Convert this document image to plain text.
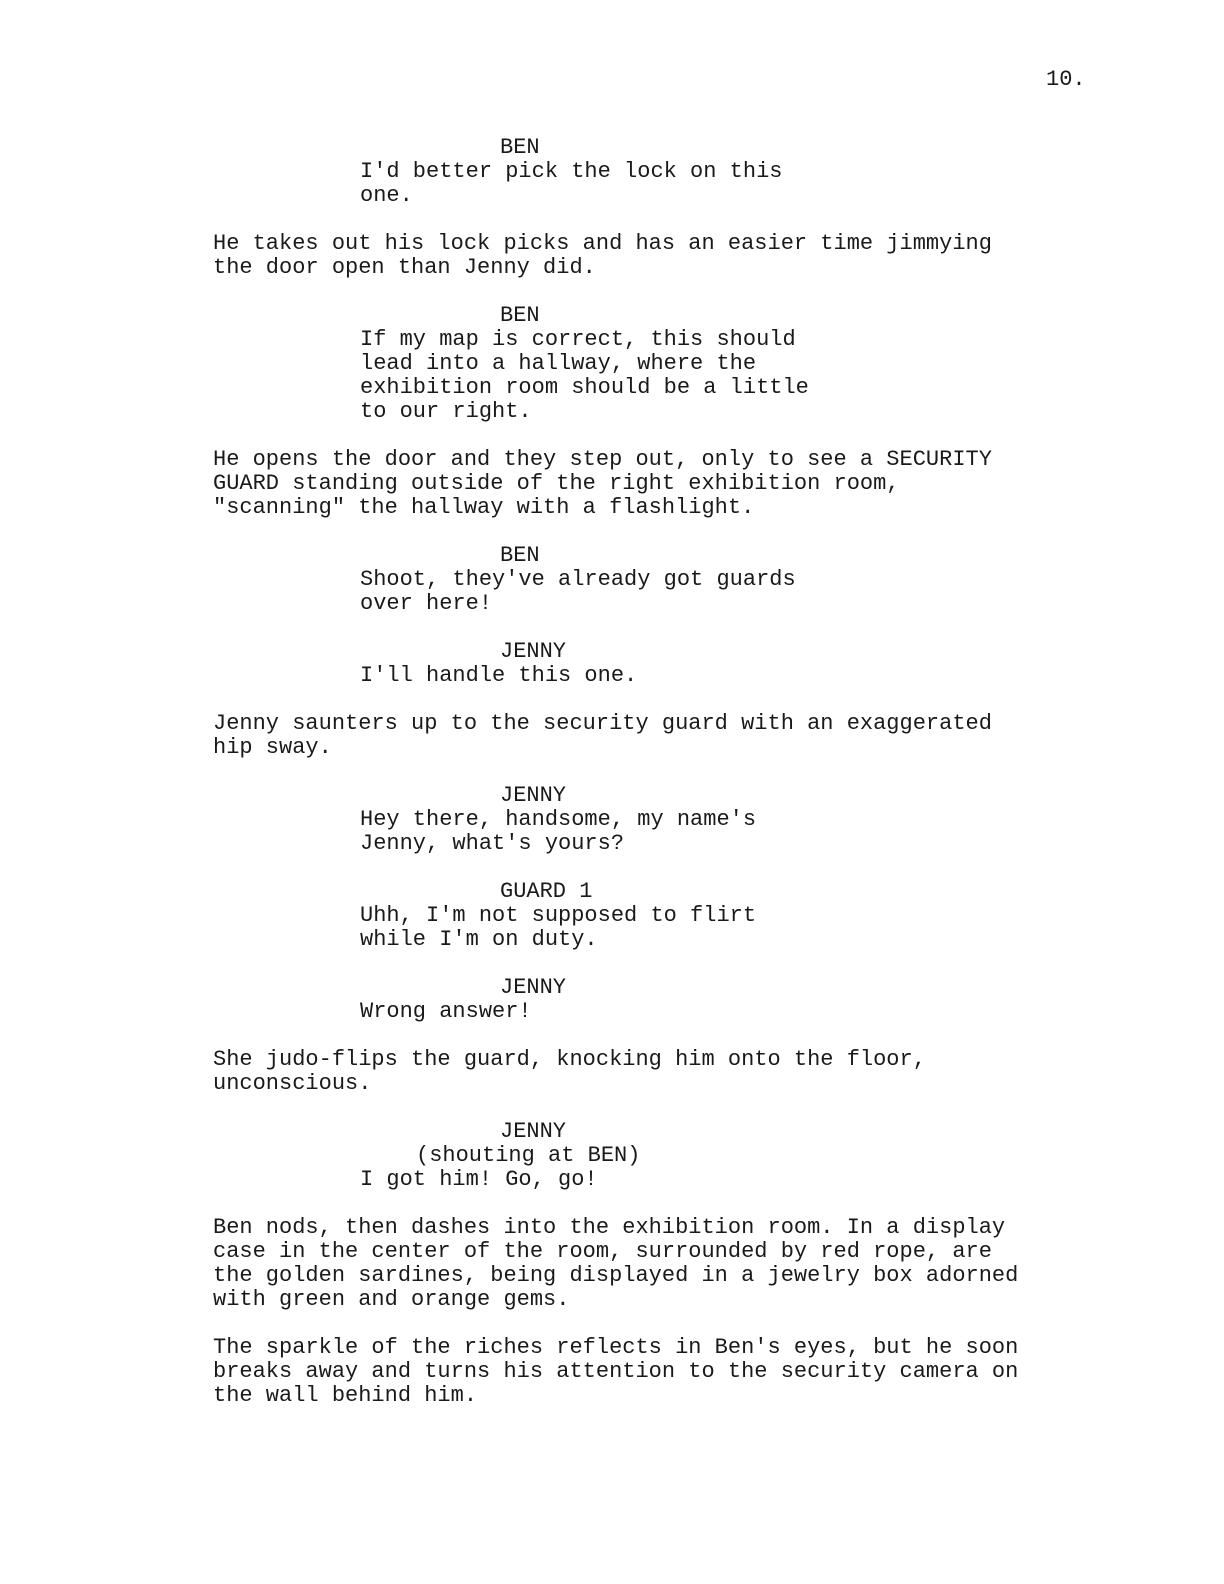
10.
BEN
I'd better pick the lock on this
one.
He takes out his lock picks and has an easier time jimmying
the door open than Jenny did.
BEN
If my map is correct, this should
lead into a hallway, where the
exhibition room should be a little
to our right.
He opens the door and they step out, only to see a SECURITY
GUARD standing outside of the right exhibition room,
"scanning" the hallway with a flashlight.
BEN
Shoot, they've already got guards
over here!
JENNY
I'll handle this one.
Jenny saunters up to the security guard with an exaggerated
hip sway.
JENNY
Hey there, handsome, my name's
Jenny, what's yours?
GUARD 1
Uhh, I'm not supposed to flirt
while I'm on duty.
JENNY
Wrong answer!
She judo-flips the guard, knocking him onto the floor,
unconscious.
JENNY
(shouting at BEN)
I got him! Go, go!
Ben nods, then dashes into the exhibition room. In a display
case in the center of the room, surrounded by red rope, are
the golden sardines, being displayed in a jewelry box adorned
with green and orange gems.
The sparkle of the riches reflects in Ben's eyes, but he soon
breaks away and turns his attention to the security camera on
the wall behind him.
